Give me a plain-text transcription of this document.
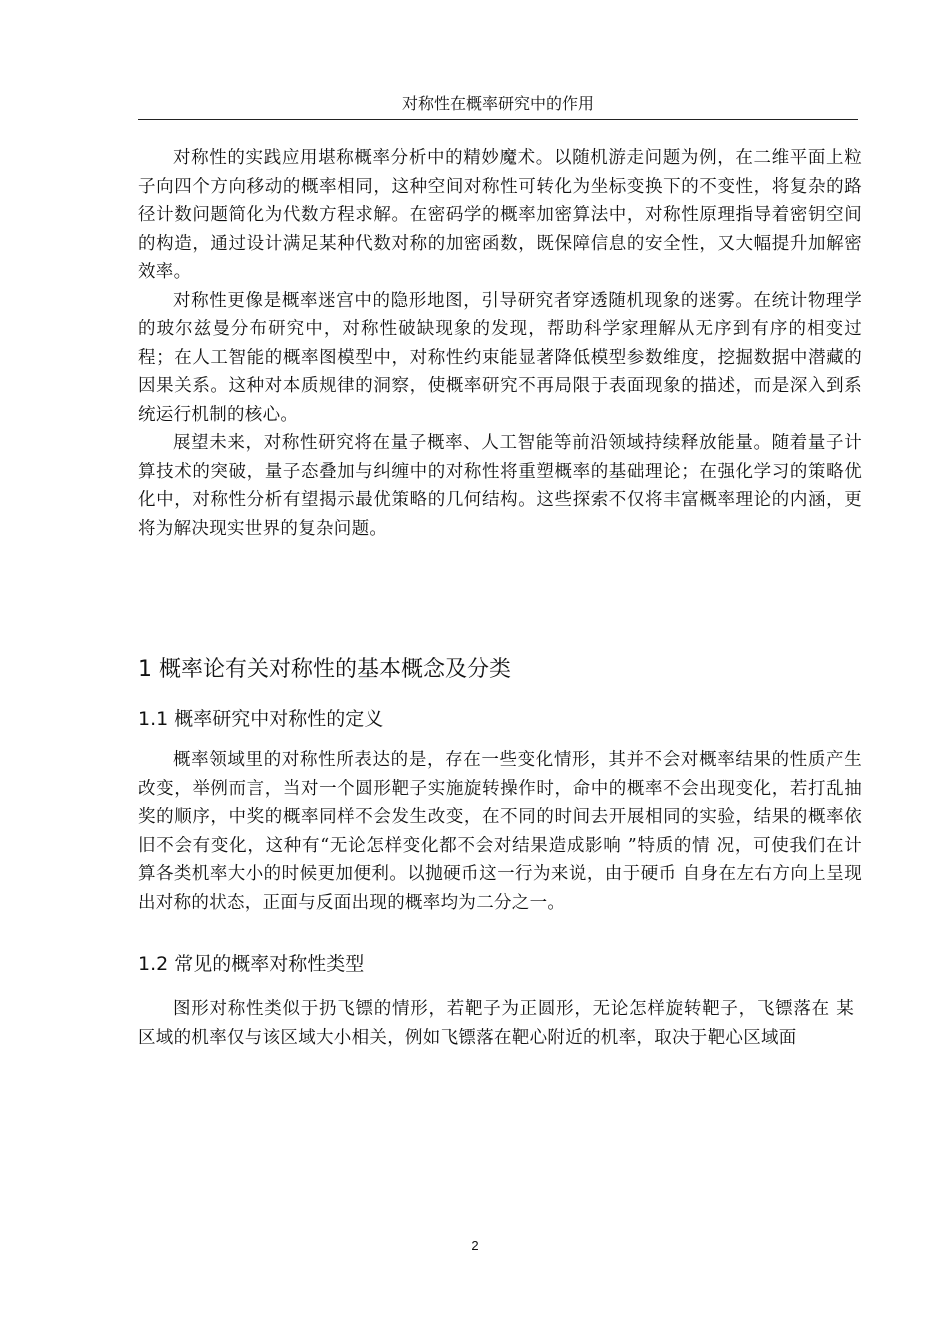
对称性在概率研究中的作用

对称性的实践应用堪称概率分析中的精妙魔术。以随机游走问题为例，在二维平面上粒子向四个方向移动的概率相同，这种空间对称性可转化为坐标变换下的不变性，将复杂的路径计数问题简化为代数方程求解。在密码学的概率加密算法中，对称性原理指导着密钥空间的构造，通过设计满足某种代数对称的加密函数，既保障信息的安全性，又大幅提升加解密效率。

对称性更像是概率迷宫中的隐形地图，引导研究者穿透随机现象的迷雾。在统计物理学的玻尔兹曼分布研究中，对称性破缺现象的发现，帮助科学家理解从无序到有序的相变过程；在人工智能的概率图模型中，对称性约束能显著降低模型参数维度，挖掘数据中潜藏的因果关系。这种对本质规律的洞察，使概率研究不再局限于表面现象的描述，而是深入到系统运行机制的核心。

展望未来，对称性研究将在量子概率、人工智能等前沿领域持续释放能量。随着量子计算技术的突破，量子态叠加与纠缠中的对称性将重塑概率的基础理论；在强化学习的策略优化中，对称性分析有望揭示最优策略的几何结构。这些探索不仅将丰富概率理论的内涵，更将为解决现实世界的复杂问题。

1 概率论有关对称性的基本概念及分类
1.1 概率研究中对称性的定义

概率领域里的对称性所表达的是，存在一些变化情形，其并不会对概率结果的性质产生改变，举例而言，当对一个圆形靶子实施旋转操作时，命中的概率不会出现变化，若打乱抽奖的顺序，中奖的概率同样不会发生改变，在不同的时间去开展相同的实验，结果的概率依旧不会有变化，这种有“无论怎样变化都不会对结果造成影响 ”特质的情 况，可使我们在计算各类机率大小的时候更加便利。以抛硬币这一行为来说，由于硬币 自身在左右方向上呈现出对称的状态，正面与反面出现的概率均为二分之一。

1.2 常见的概率对称性类型

图形对称性类似于扔飞镖的情形，若靶子为正圆形，无论怎样旋转靶子，飞镖落在 某区域的机率仅与该区域大小相关，例如飞镖落在靶心附近的机率，取决于靶心区域面

2
